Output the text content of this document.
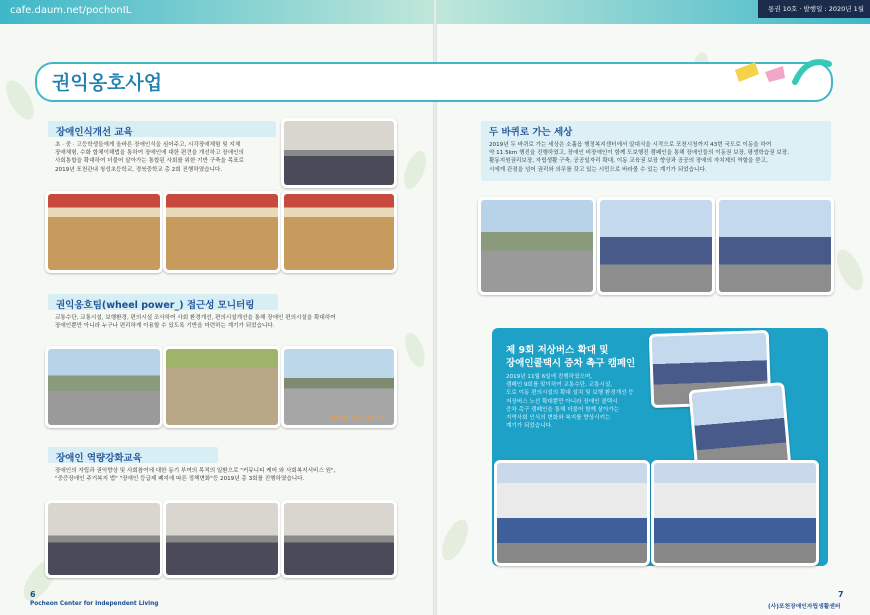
cafe.daum.net/pochonIL	통권 10호 · 발행일 : 2020년 1월
권익옹호사업
장애인식개선 교육
초 · 중 · 고등학생들에게 올바른 장애인식을 심어주고, 시각장애체험 및 지체
장애체험, 수화 합체이해법을 통하여 장애인에 대한 편견을 개선하고 장애인의
사회통합을 확대하여 더불어 살아가는 통합된 사회를 위한 기반 구축을 목표로
2019년 포천관내 청성초등학교, 경북중학교 총 2회 진행하였습니다.
권익옹호팀(wheel power_) 접근성 모니터링
교통수단, 교통시설, 보행환경, 편의시설 조사하여 사회 환경개선, 편의시설개선을 통해 장애인 편의시설을 확대하여
장애인뿐만 아니라 누구나 편리하게 이용할 수 있도록 기반을 마련하는 계기가 되었습니다.
2019-10-16 14:23
장애인 역량강화교육
장애인의 자립과 권익향상 및 사회참여에 대한 동기 부여의 목적의 일환으로 "커뮤니티 케어 와 사회복지서비스 원",
"중증장애인 주거복지 법" "장애인 등급제 폐지에 따른 정책변화"등 2019년 총 3회를 진행하였습니다.
6
Pocheon Center for Independent Living
두 바퀴로 가는 세상
2019년 두 바퀴로 가는 세상은 소흘읍 행정복지센터에서 알대식을 시작으로 포천시청까지 43번 국도로 이동을 하여
약 11.5km 행진을 진행하였고, 장애인 비장애인이 함께 도보행진 캠페인을 통해 장애인들의 이동권 보장, 평생학습권 보장,
활동지원권리보장, 자립생활 구축, 공공일자리 확대, 이동 교육권 보장 향상과 공공의 장애의 자치제의 역할을 묻고,
시에게 관점을 넘어 권리와 의무를 갖고 있는 시민으로 바라볼 수 있는 계기가 되었습니다.
제 9회 저상버스 확대 및
장애인콜택시 증차 촉구 캠페인
2019년 11월 6일에 진행하였으며,
캠페인 9회를 맞이하여 교통수단, 교통시설,
도로 이동 편의시설의 확대 설치 및 보행 환경개선 등
저상버스 노선 확대뿐만 아니라 장애인 콜택시
증차 촉구 캠페인을 통해 더불어 함께 살아가는
지역사회 인식의 변화와 복지를 향상시키는
계기가 되었습니다.
7
(사)포천장애인자립생활센터
